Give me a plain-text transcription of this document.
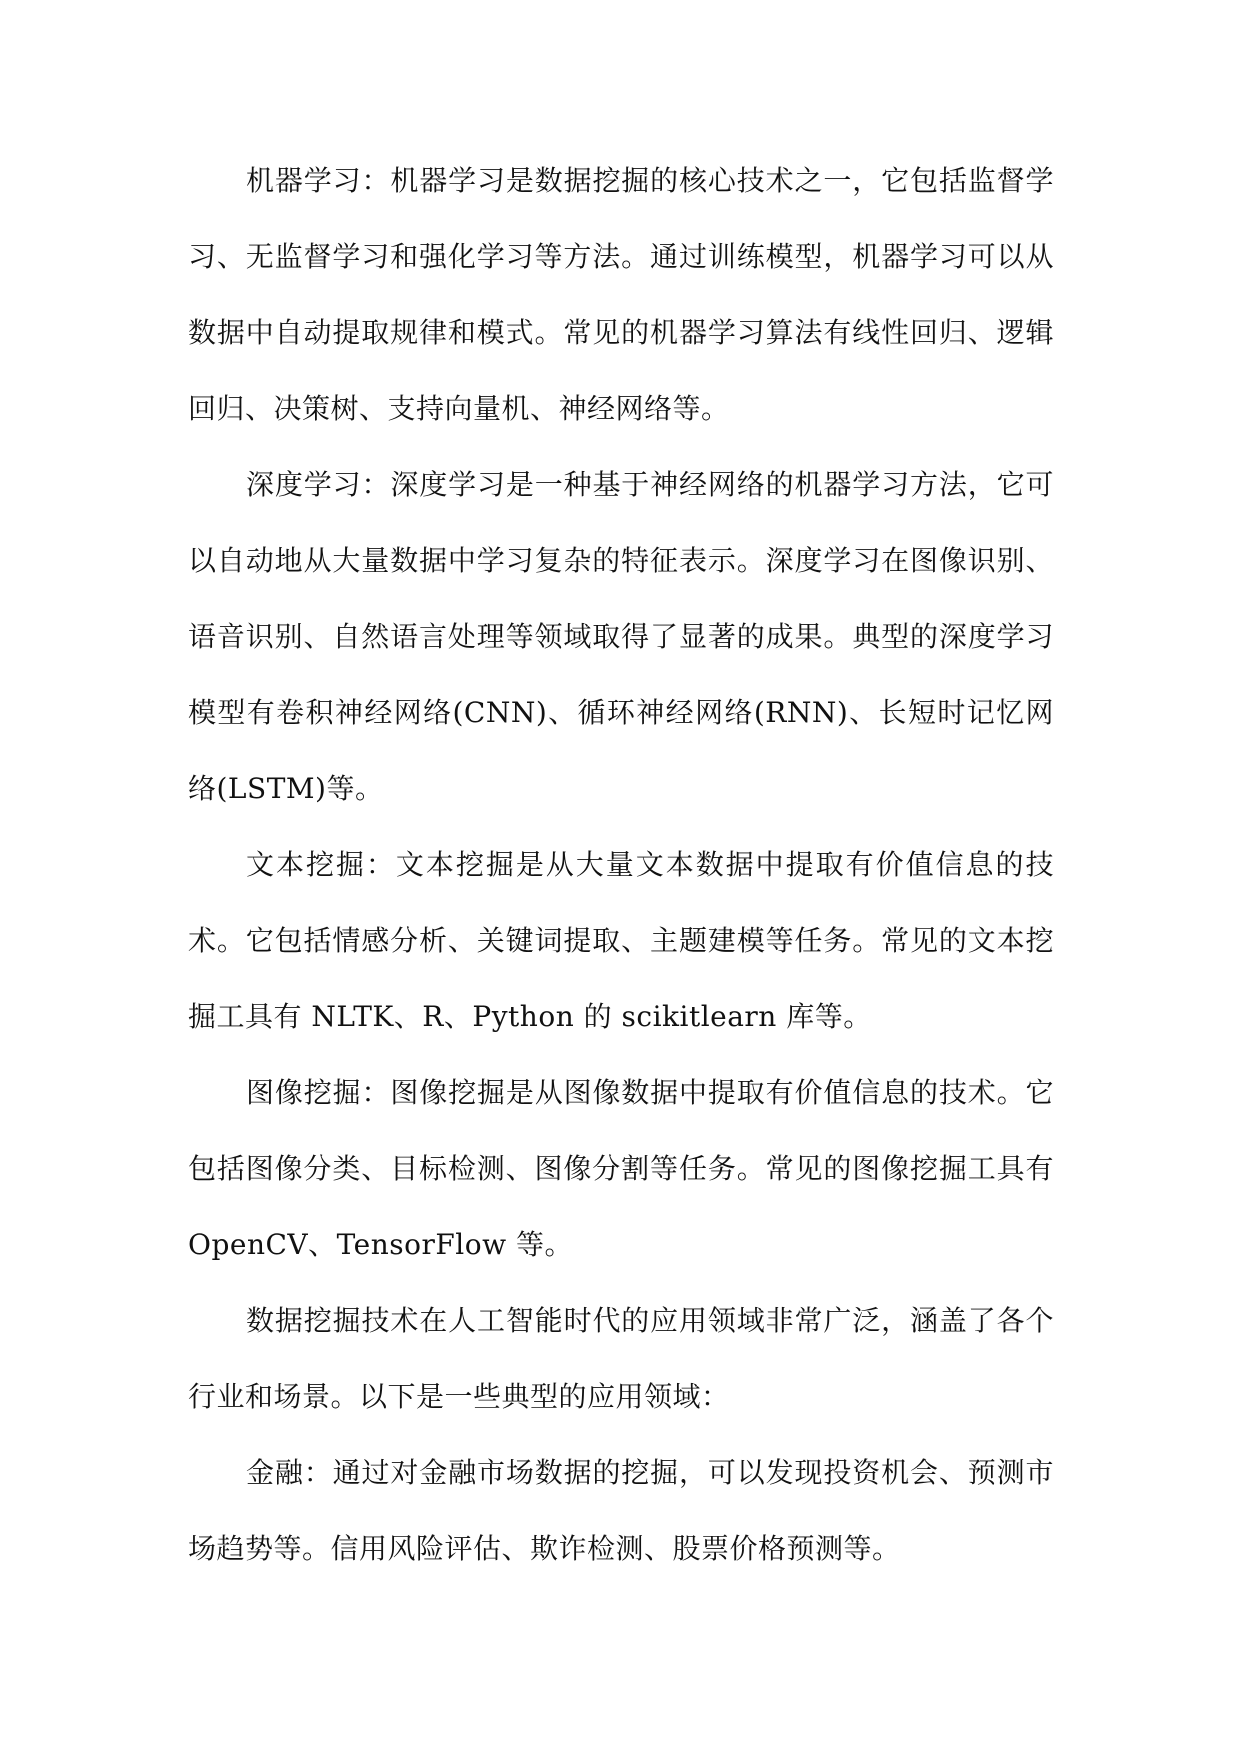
机器学习：机器学习是数据挖掘的核心技术之一，它包括监督学习、无监督学习和强化学习等方法。通过训练模型，机器学习可以从数据中自动提取规律和模式。常见的机器学习算法有线性回归、逻辑回归、决策树、支持向量机、神经网络等。

深度学习：深度学习是一种基于神经网络的机器学习方法，它可以自动地从大量数据中学习复杂的特征表示。深度学习在图像识别、语音识别、自然语言处理等领域取得了显著的成果。典型的深度学习模型有卷积神经网络(CNN)、循环神经网络(RNN)、长短时记忆网络(LSTM)等。

文本挖掘：文本挖掘是从大量文本数据中提取有价值信息的技术。它包括情感分析、关键词提取、主题建模等任务。常见的文本挖掘工具有 NLTK、R、Python 的 scikitlearn 库等。

图像挖掘：图像挖掘是从图像数据中提取有价值信息的技术。它包括图像分类、目标检测、图像分割等任务。常见的图像挖掘工具有OpenCV、TensorFlow 等。

数据挖掘技术在人工智能时代的应用领域非常广泛，涵盖了各个行业和场景。以下是一些典型的应用领域：

金融：通过对金融市场数据的挖掘，可以发现投资机会、预测市场趋势等。信用风险评估、欺诈检测、股票价格预测等。
